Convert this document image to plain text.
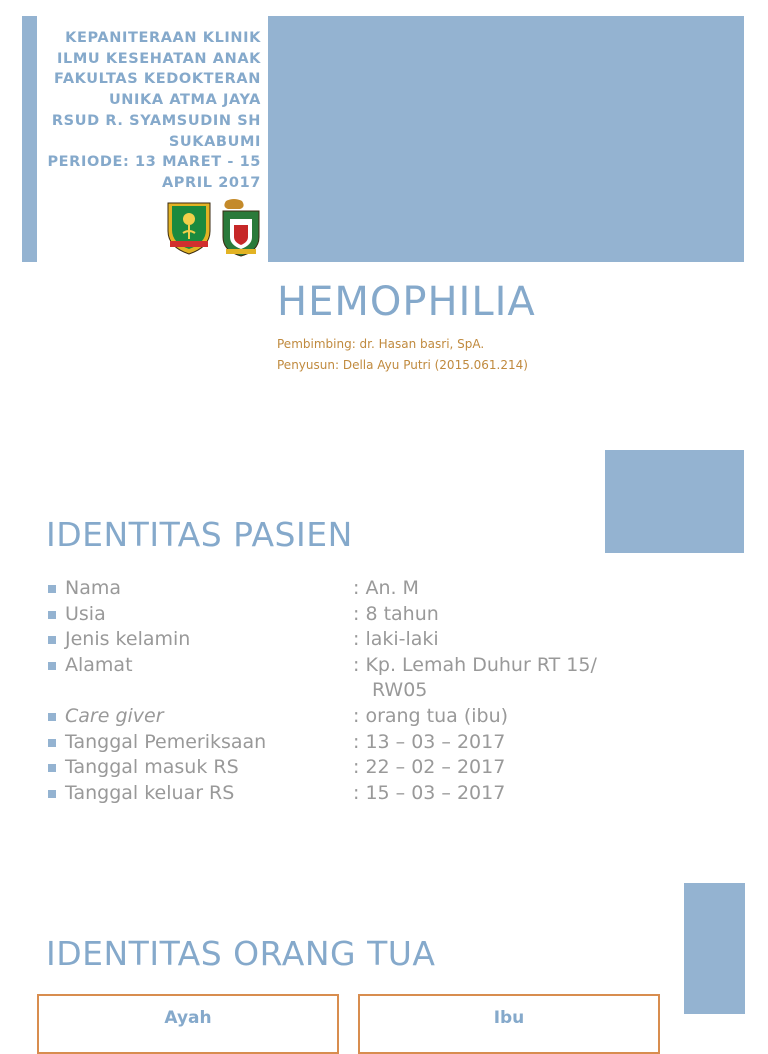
KEPANITERAAN KLINIK
ILMU KESEHATAN ANAK
FAKULTAS KEDOKTERAN
UNIKA ATMA JAYA
RSUD R. SYAMSUDIN SH
SUKABUMI
PERIODE: 13 MARET - 15
APRIL 2017
HEMOPHILIA
Pembimbing: dr. Hasan basri, SpA.
Penyusun: Della Ayu Putri (2015.061.214)
IDENTITAS PASIEN
Nama	: An. M
Usia	: 8 tahun
Jenis kelamin	: laki-laki
Alamat	: Kp. Lemah Duhur RT 15/
RW05
Care giver	: orang tua (ibu)
Tanggal Pemeriksaan	: 13 – 03 – 2017
Tanggal masuk RS	: 22 – 02 – 2017
Tanggal keluar RS	: 15 – 03 – 2017
IDENTITAS ORANG TUA
Ayah	Ibu
